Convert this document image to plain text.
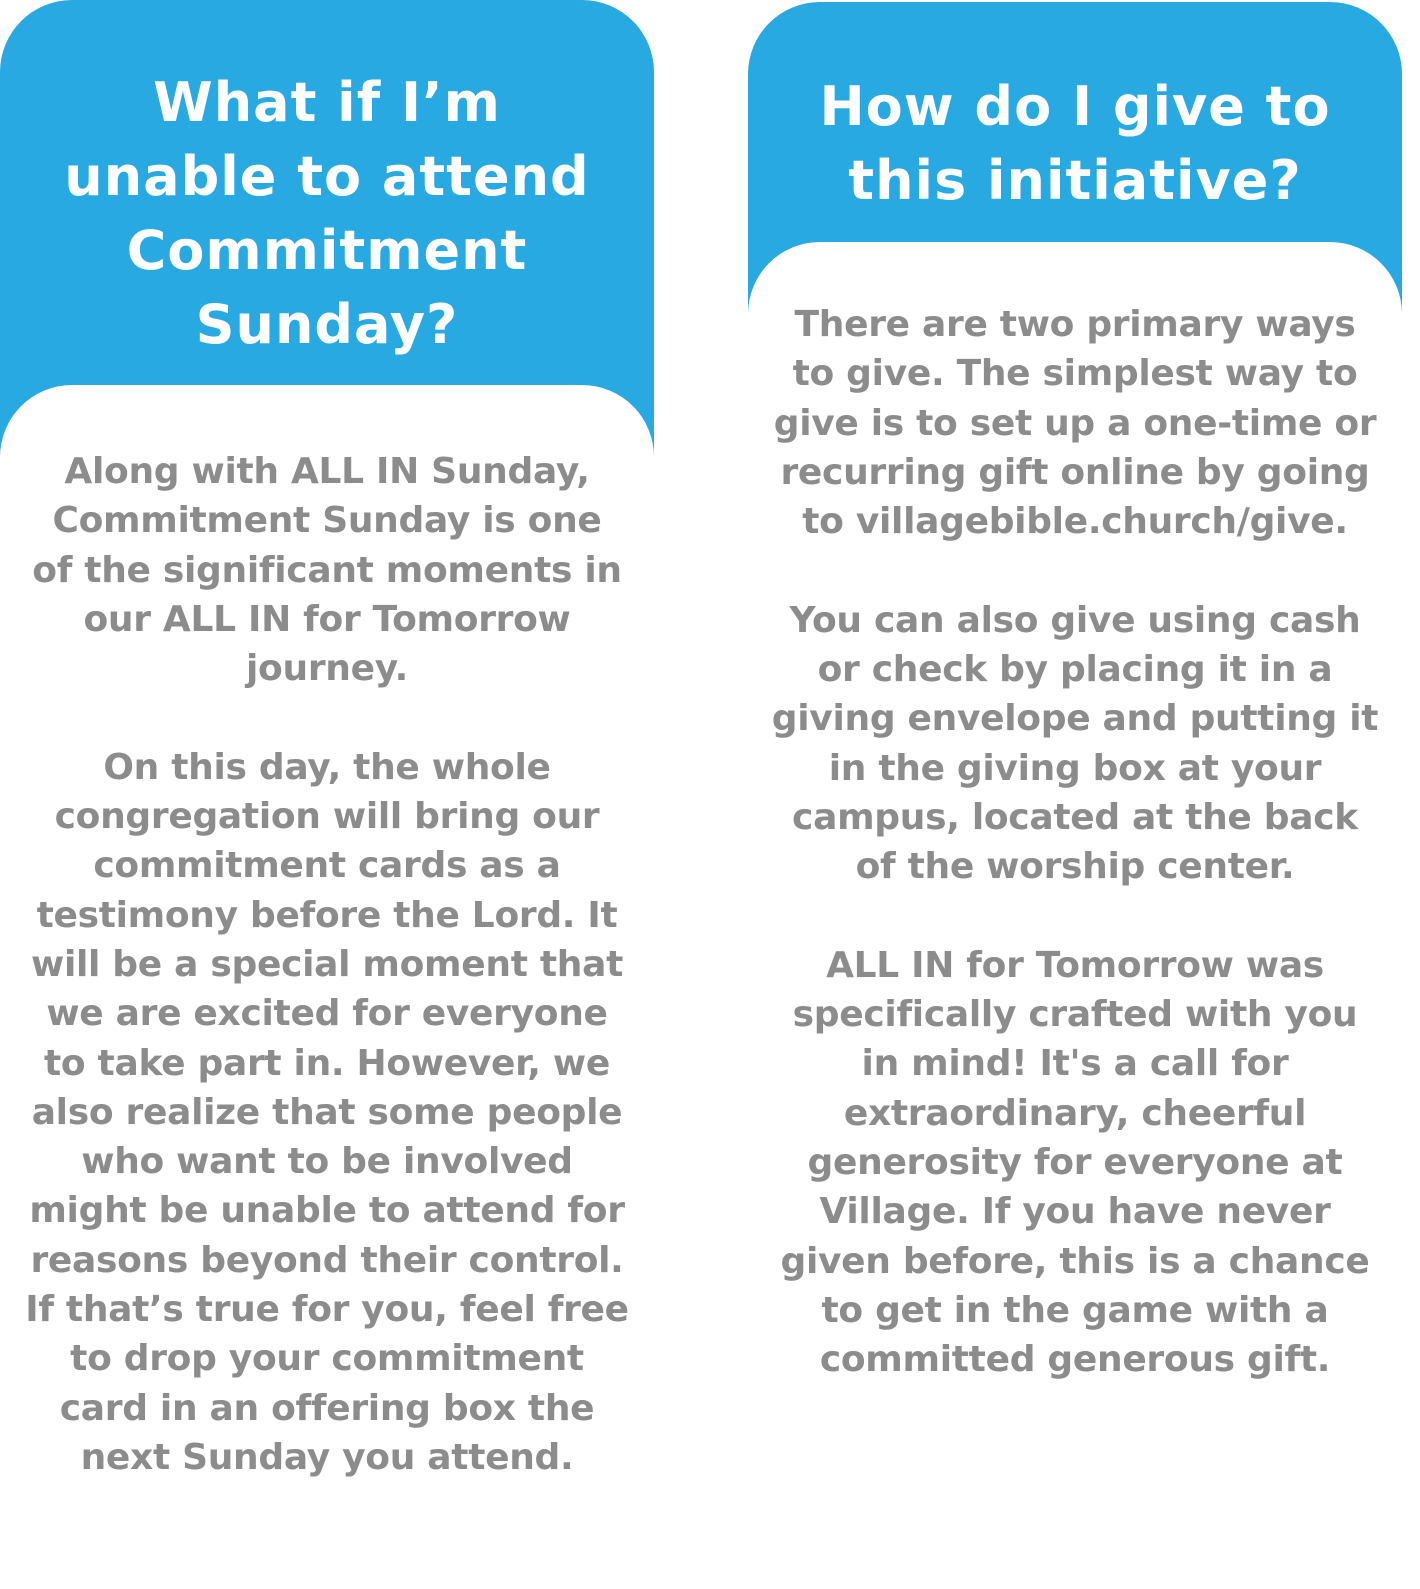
What if I’m
unable to attend
Commitment
Sunday?
Along with ALL IN Sunday,
Commitment Sunday is one
of the significant moments in
our ALL IN for Tomorrow
journey.

On this day, the whole
congregation will bring our
commitment cards as a
testimony before the Lord. It
will be a special moment that
we are excited for everyone
to take part in. However, we
also realize that some people
who want to be involved
might be unable to attend for
reasons beyond their control.
If that’s true for you, feel free
to drop your commitment
card in an offering box the
next Sunday you attend.
How do I give to
this initiative?
There are two primary ways
to give. The simplest way to
give is to set up a one-time or
recurring gift online by going
to villagebible.church/give.

You can also give using cash
or check by placing it in a
giving envelope and putting it
in the giving box at your
campus, located at the back
of the worship center.

ALL IN for Tomorrow was
specifically crafted with you
in mind! It's a call for
extraordinary, cheerful
generosity for everyone at
Village. If you have never
given before, this is a chance
to get in the game with a
committed generous gift.
